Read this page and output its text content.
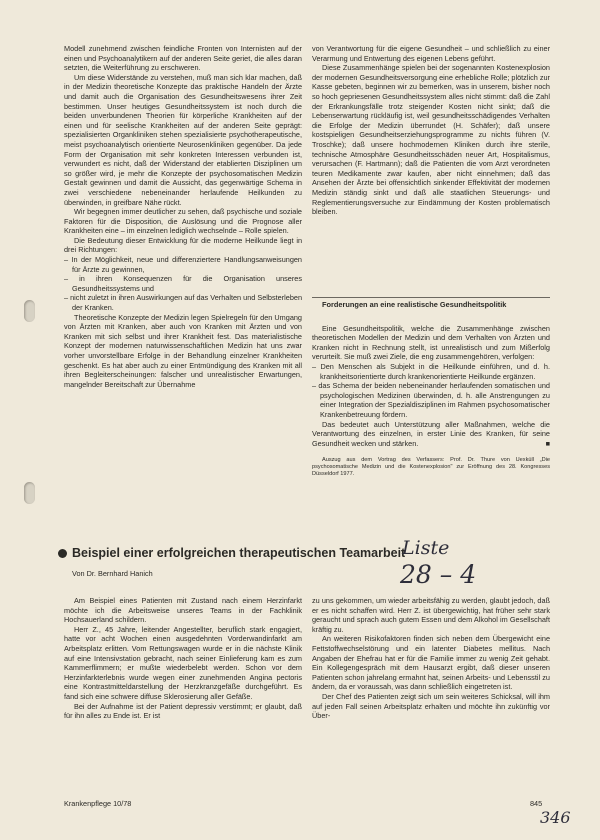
Modell zunehmend zwischen feindliche Fronten von Internisten auf der einen und Psychoanalytikern auf der anderen Seite geriet, die alles daran setzten, die Weiterführung zu erschweren.

Um diese Widerstände zu verstehen, muß man sich klar machen, daß in der Medizin theoretische Konzepte das praktische Handeln der Ärzte und damit auch die Organisation des Gesundheitswesens ihrer Zeit bestimmen. Unser heutiges Gesundheitssystem ist noch durch die beiden unverbundenen Theorien für körperliche Krankheiten auf der einen und für seelische Krankheiten auf der anderen Seite geprägt: spezialisierten Organkliniken stehen spezialisierte psychotherapeutische, meist psychoanalytisch orientierte Neurosenkliniken gegenüber. Da jede Form der Organisation mit sehr konkreten Interessen verbunden ist, verwundert es nicht, daß der Widerstand der etablierten Disziplinen um so größer wird, je mehr die Konzepte der psychosomatischen Medizin Gestalt gewinnen und damit die Aussicht, das gegenwärtige Schema in zwei verschiedene nebeneinander herlaufende Heilkunden zu überwinden, in greifbare Nähe rückt.

Wir begegnen immer deutlicher zu sehen, daß psychische und soziale Faktoren für die Disposition, die Auslösung und die Prognose aller Krankheiten eine – im einzelnen lediglich wechselnde – Rolle spielen.

Die Bedeutung dieser Entwicklung für die moderne Heilkunde liegt in drei Richtungen:

– In der Möglichkeit, neue und differenziertere Handlungsanweisungen für Ärzte zu gewinnen,
– in ihren Konsequenzen für die Organisation unseres Gesundheitssystems und
– nicht zuletzt in ihren Auswirkungen auf das Verhalten und Selbsterleben der Kranken.

Theoretische Konzepte der Medizin legen Spielregeln für den Umgang von Ärzten mit Kranken, aber auch von Kranken mit Ärzten und von Kranken mit sich selbst und ihrer Krankheit fest. Das materialistische Konzept der modernen naturwissenschaftlichen Medizin hat uns zwar vorher unvorstellbare Erfolge in der Behandlung einzelner Krankheiten geschenkt. Es hat aber auch zu einer Entmündigung des Kranken mit all ihren Begleiterscheinungen: falscher und unrealistischer Erwartungen, mangelnder Bereitschaft zur Übernahme

von Verantwortung für die eigene Gesundheit – und schließlich zu einer Verarmung und Entwertung des eigenen Lebens geführt.

Diese Zusammenhänge spielen bei der sogenannten Kostenexplosion der modernen Gesundheitsversorgung eine erhebliche Rolle; plötzlich zur Kasse gebeten, beginnen wir zu bemerken, was in unserem, bisher noch so hoch gepriesenen Gesundheitssystem alles nicht stimmt: daß die Zahl der Erkrankungsfälle trotz steigender Kosten nicht sinkt; daß die Lebenserwartung rückläufig ist, weil gesundheitsschädigendes Verhalten die Erfolge der Medizin überrundet (H. Schäfer); daß unsere kostspieligen Gesundheitserziehungsprogramme zu nichts führen (V. Troschke); daß unsere hochmodernen Kliniken durch ihre sterile, technische Atmosphäre Gesundheitsschäden neuer Art, Hospitalismus, verursachen (F. Hartmann); daß die Patienten die vom Arzt verordneten teuren Medikamente zwar kaufen, aber nicht einnehmen; daß das Ansehen der Ärzte bei offensichtlich sinkender Effektivität der modernen Medizin ständig sinkt und daß alle staatlichen Steuerungs- und Reglementierungsversuche zur Eindämmung der Kosten problematisch bleiben.

Forderungen an eine realistische Gesundheitspolitik

Eine Gesundheitspolitik, welche die Zusammenhänge zwischen theoretischen Modellen der Medizin und dem Verhalten von Ärzten und Kranken nicht in Rechnung stellt, ist unrealistisch und zum Mißerfolg verurteilt. Sie muß zwei Ziele, die eng zusammengehören, verfolgen:

– Den Menschen als Subjekt in die Heilkunde einführen, und d. h. krankheitsorientierte durch krankenorientierte Heilkunde ergänzen.
– das Schema der beiden nebeneinander herlaufenden somatischen und psychologischen Medizinen überwinden, d. h. alle Anstrengungen zu einer Integration der Spezialdisziplinen im Rahmen psychosomatischer Krankenbetreuung fördern.

Das bedeutet auch Unterstützung aller Maßnahmen, welche die Verantwortung des einzelnen, in erster Linie des Kranken, für seine Gesundheit wecken und stärken.	■

Auszug aus dem Vortrag des Verfassers: Prof. Dr. Thure von Uexküll „Die psychosomatische Medizin und die Kostenexplosion" zur Eröffnung des 28. Kongresses Düsseldorf 1977.

Beispiel einer erfolgreichen therapeutischen Teamarbeit

Von Dr. Bernhard Hanich

Liste
28 – 4

Am Beispiel eines Patienten mit Zustand nach einem Herzinfarkt möchte ich die Arbeitsweise unseres Teams in der Fachklinik Hochsauerland schildern.

Herr Z., 45 Jahre, leitender Angestellter, beruflich stark engagiert, hatte vor acht Wochen einen ausgedehnten Vorderwandinfarkt am Arbeitsplatz erlitten. Vom Rettungswagen wurde er in die nächste Klinik auf eine Intensivstation gebracht, nach seiner Einlieferung kam es zum Kammerflimmern; er mußte wiederbelebt werden. Schon vor dem Herzinfarkterlebnis wurde wegen einer zunehmenden Angina pectoris eine Kontrastmitteldarstellung der Herzkranzgefäße durchgeführt. Es fand sich eine schwere diffuse Sklerosierung aller Gefäße.

Bei der Aufnahme ist der Patient depressiv verstimmt; er glaubt, daß für ihn alles zu Ende ist. Er ist

zu uns gekommen, um wieder arbeitsfähig zu werden, glaubt jedoch, daß er es nicht schaffen wird. Herr Z. ist übergewichtig, hat früher sehr stark geraucht und sprach auch gutem Essen und dem Alkohol im Gesellschaft kräftig zu.

An weiteren Risikofaktoren finden sich neben dem Übergewicht eine Fettstoffwechselstörung und ein latenter Diabetes mellitus. Nach Angaben der Ehefrau hat er für die Familie immer zu wenig Zeit gehabt. Ein Kollegengespräch mit dem Hausarzt ergibt, daß dieser unseren Patienten schon jahrelang ermahnt hat, seinen Arbeits- und Lebensstil zu ändern, da er voraussah, was dann schließlich eingetreten ist.

Der Chef des Patienten zeigt sich um sein weiteres Schicksal, will ihm auf jeden Fall seinen Arbeitsplatz erhalten und möchte ihn zukünftig vor Über-

Krankenpflege 10/78	845
346
